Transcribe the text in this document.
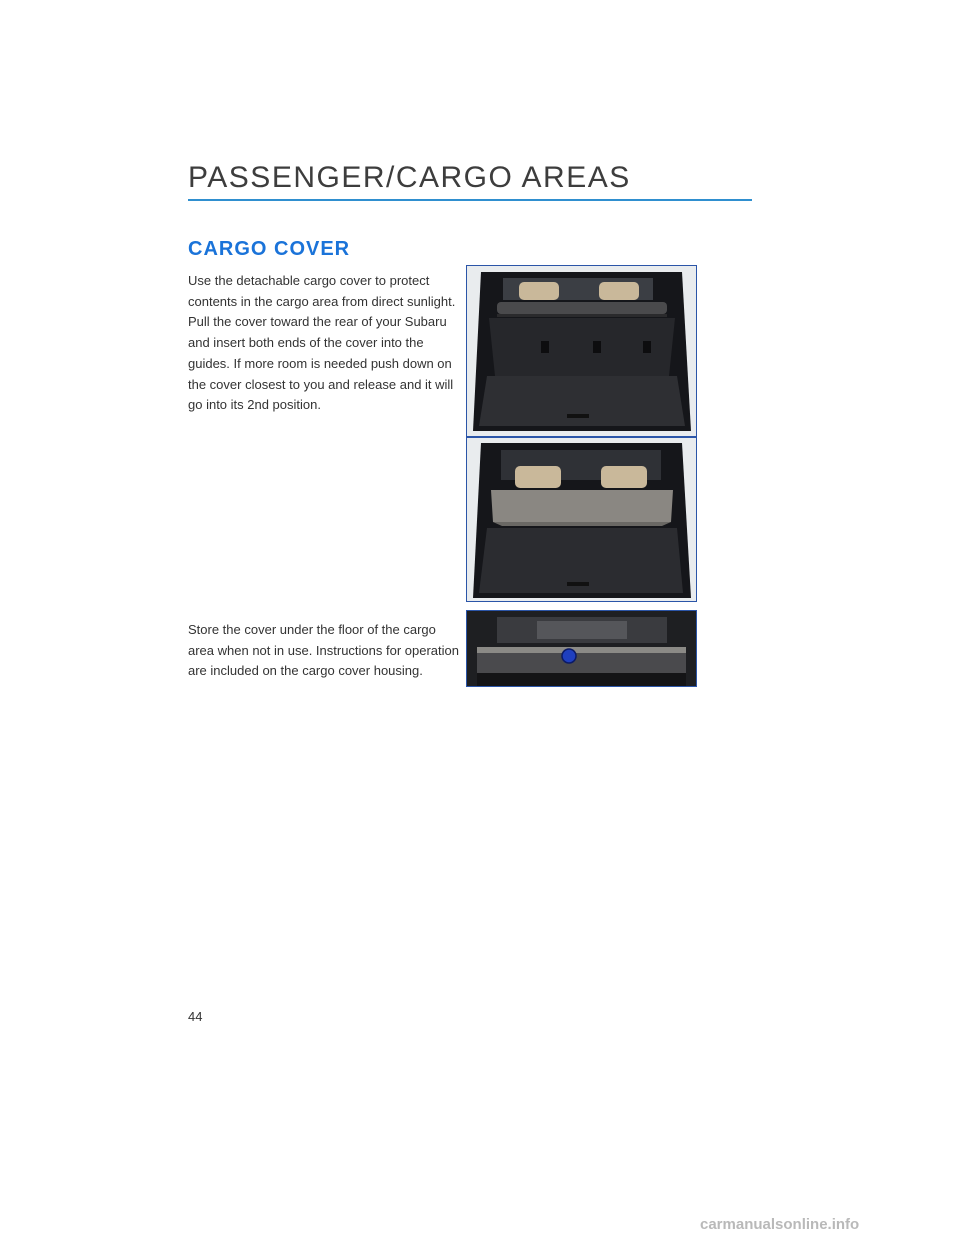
PASSENGER/CARGO AREAS
CARGO COVER

Use the detachable cargo cover to protect contents in the cargo area from direct sunlight. Pull the cover toward the rear of your Subaru and insert both ends of the cover into the guides. If more room is needed push down on the cover closest to you and release and it will go into its 2nd position.

Store the cover under the floor of the cargo area when not in use. Instructions for operation are included on the cargo cover housing.

44

carmanualsonline.info
